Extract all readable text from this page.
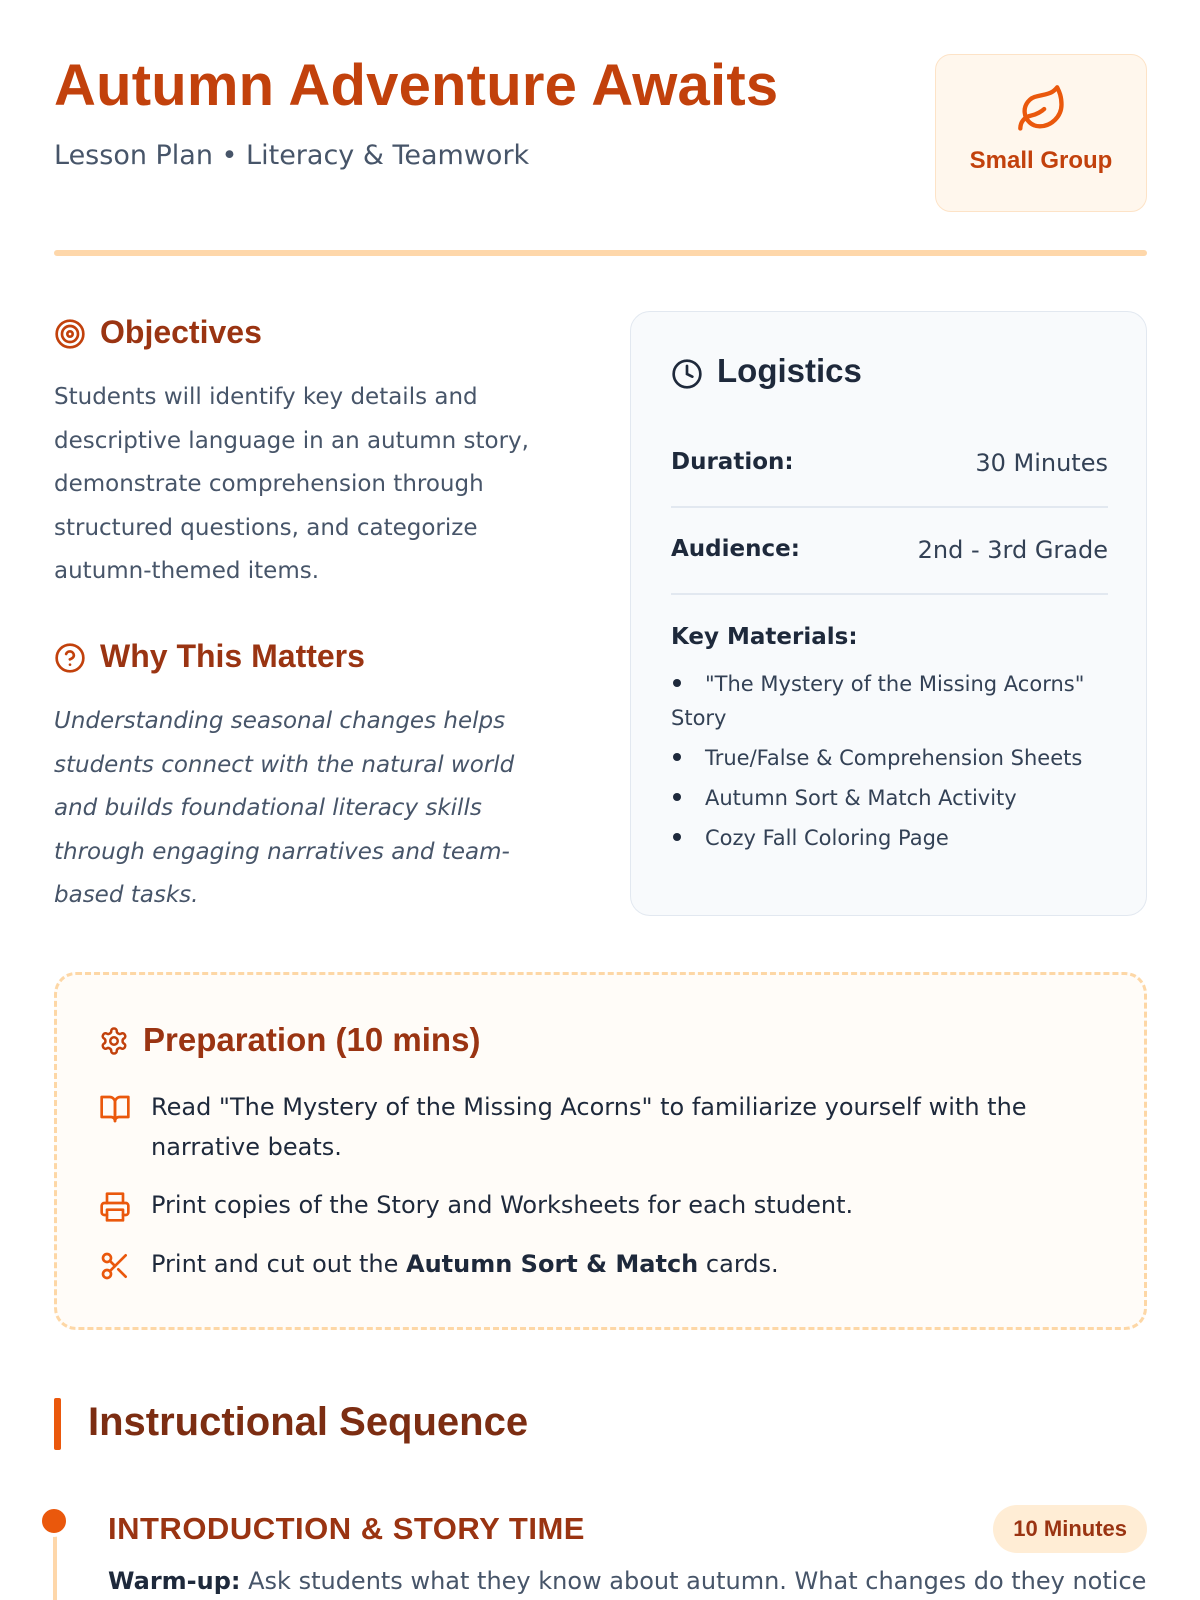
Autumn Adventure Awaits
Lesson Plan • Literacy & Teamwork	Small Group
Objectives

Students will identify key details and descriptive language in an autumn story, demonstrate comprehension through structured questions, and categorize autumn-themed items.

Why This Matters

Understanding seasonal changes helps students connect with the natural world and builds foundational literacy skills through engaging narratives and team-based tasks.

Logistics
Duration:	30 Minutes
Audience:	2nd - 3rd Grade
Key Materials:
"The Mystery of the Missing Acorns" Story
True/False & Comprehension Sheets
Autumn Sort & Match Activity
Cozy Fall Coloring Page
Preparation (10 mins)
Read "The Mystery of the Missing Acorns" to familiarize yourself with the narrative beats.
Print copies of the Story and Worksheets for each student.
Print and cut out the Autumn Sort & Match cards.
Instructional Sequence
INTRODUCTION & STORY TIME	10 Minutes

Warm-up: Ask students what they know about autumn. What changes do they notice
